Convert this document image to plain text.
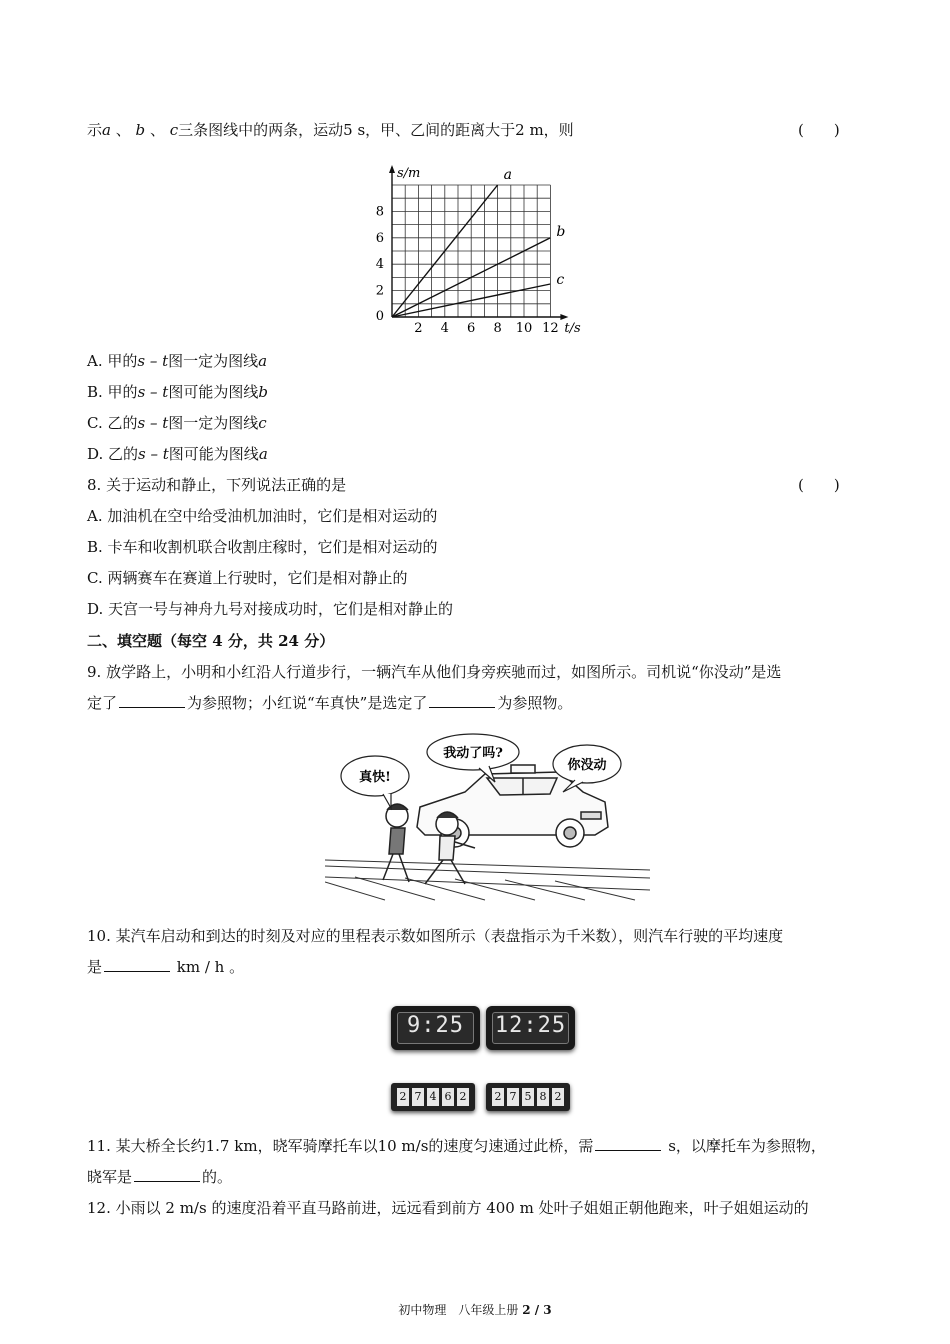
示a 、 b 、 c三条图线中的两条，运动5 s，甲、乙间的距离大于2 m，则	(　　)
2
4
6
8
2 4 6 8 10 12
0
s/m
t/s
a
b
c
A. 甲的s – t图一定为图线a
B. 甲的s – t图可能为图线b
C. 乙的s – t图一定为图线c
D. 乙的s – t图可能为图线a
8. 关于运动和静止，下列说法正确的是	(　　)
A. 加油机在空中给受油机加油时，它们是相对运动的
B. 卡车和收割机联合收割庄稼时，它们是相对运动的
C. 两辆赛车在赛道上行驶时，它们是相对静止的
D. 天宫一号与神舟九号对接成功时，它们是相对静止的
二、填空题（每空 4 分，共 24 分）
9. 放学路上，小明和小红沿人行道步行，一辆汽车从他们身旁疾驰而过，如图所示。司机说“你没动”是选
定了	为参照物；小红说“车真快”是选定了	为参照物。
真快!
我动了吗?
你没动
10. 某汽车启动和到达的时刻及对应的里程表示数如图所示（表盘指示为千米数），则汽车行驶的平均速度
是	km / h 。
9:25	12:25
2 7 4 6 2	2 7 5 8 2
11. 某大桥全长约1.7 km，晓军骑摩托车以10 m/s的速度匀速通过此桥，需	s，以摩托车为参照物，
晓军是	的。
12. 小雨以 2 m/s 的速度沿着平直马路前进，远远看到前方 400 m 处叶子姐姐正朝他跑来，叶子姐姐运动的
初中物理　八年级上册 2 / 3
